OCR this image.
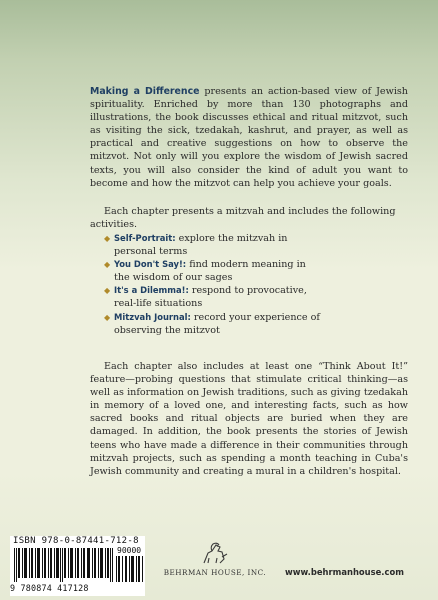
Making a Difference presents an action-based view of Jewish spirituality. Enriched by more than 130 photographs and illustrations, the book discusses ethical and ritual mitzvot, such as visiting the sick, tzedakah, kashrut, and prayer, as well as practical and creative suggestions on how to observe the mitzvot. Not only will you explore the wisdom of Jewish sacred texts, you will also consider the kind of adult you want to become and how the mitzvot can help you achieve your goals.
Each chapter presents a mitzvah and includes the following activities.
◆ Self-Portrait: explore the mitzvah in personal terms
◆ You Don't Say!: find modern meaning in the wisdom of our sages
◆ It's a Dilemma!: respond to provocative, real-life situations
◆ Mitzvah Journal: record your experience of observing the mitzvot
Each chapter also includes at least one “Think About It!” feature—probing questions that stimulate critical thinking—as well as information on Jewish traditions, such as giving tzedakah in memory of a loved one, and interesting facts, such as how sacred books and ritual objects are buried when they are damaged. In addition, the book presents the stories of Jewish teens who have made a difference in their communities through mitzvah projects, such as spending a month teaching in Cuba's Jewish community and creating a mural in a children's hospital.
ISBN 978-0-87441-712-8
90000
9 780874 417128
BEHRMAN HOUSE, INC.	www.behrmanhouse.com
